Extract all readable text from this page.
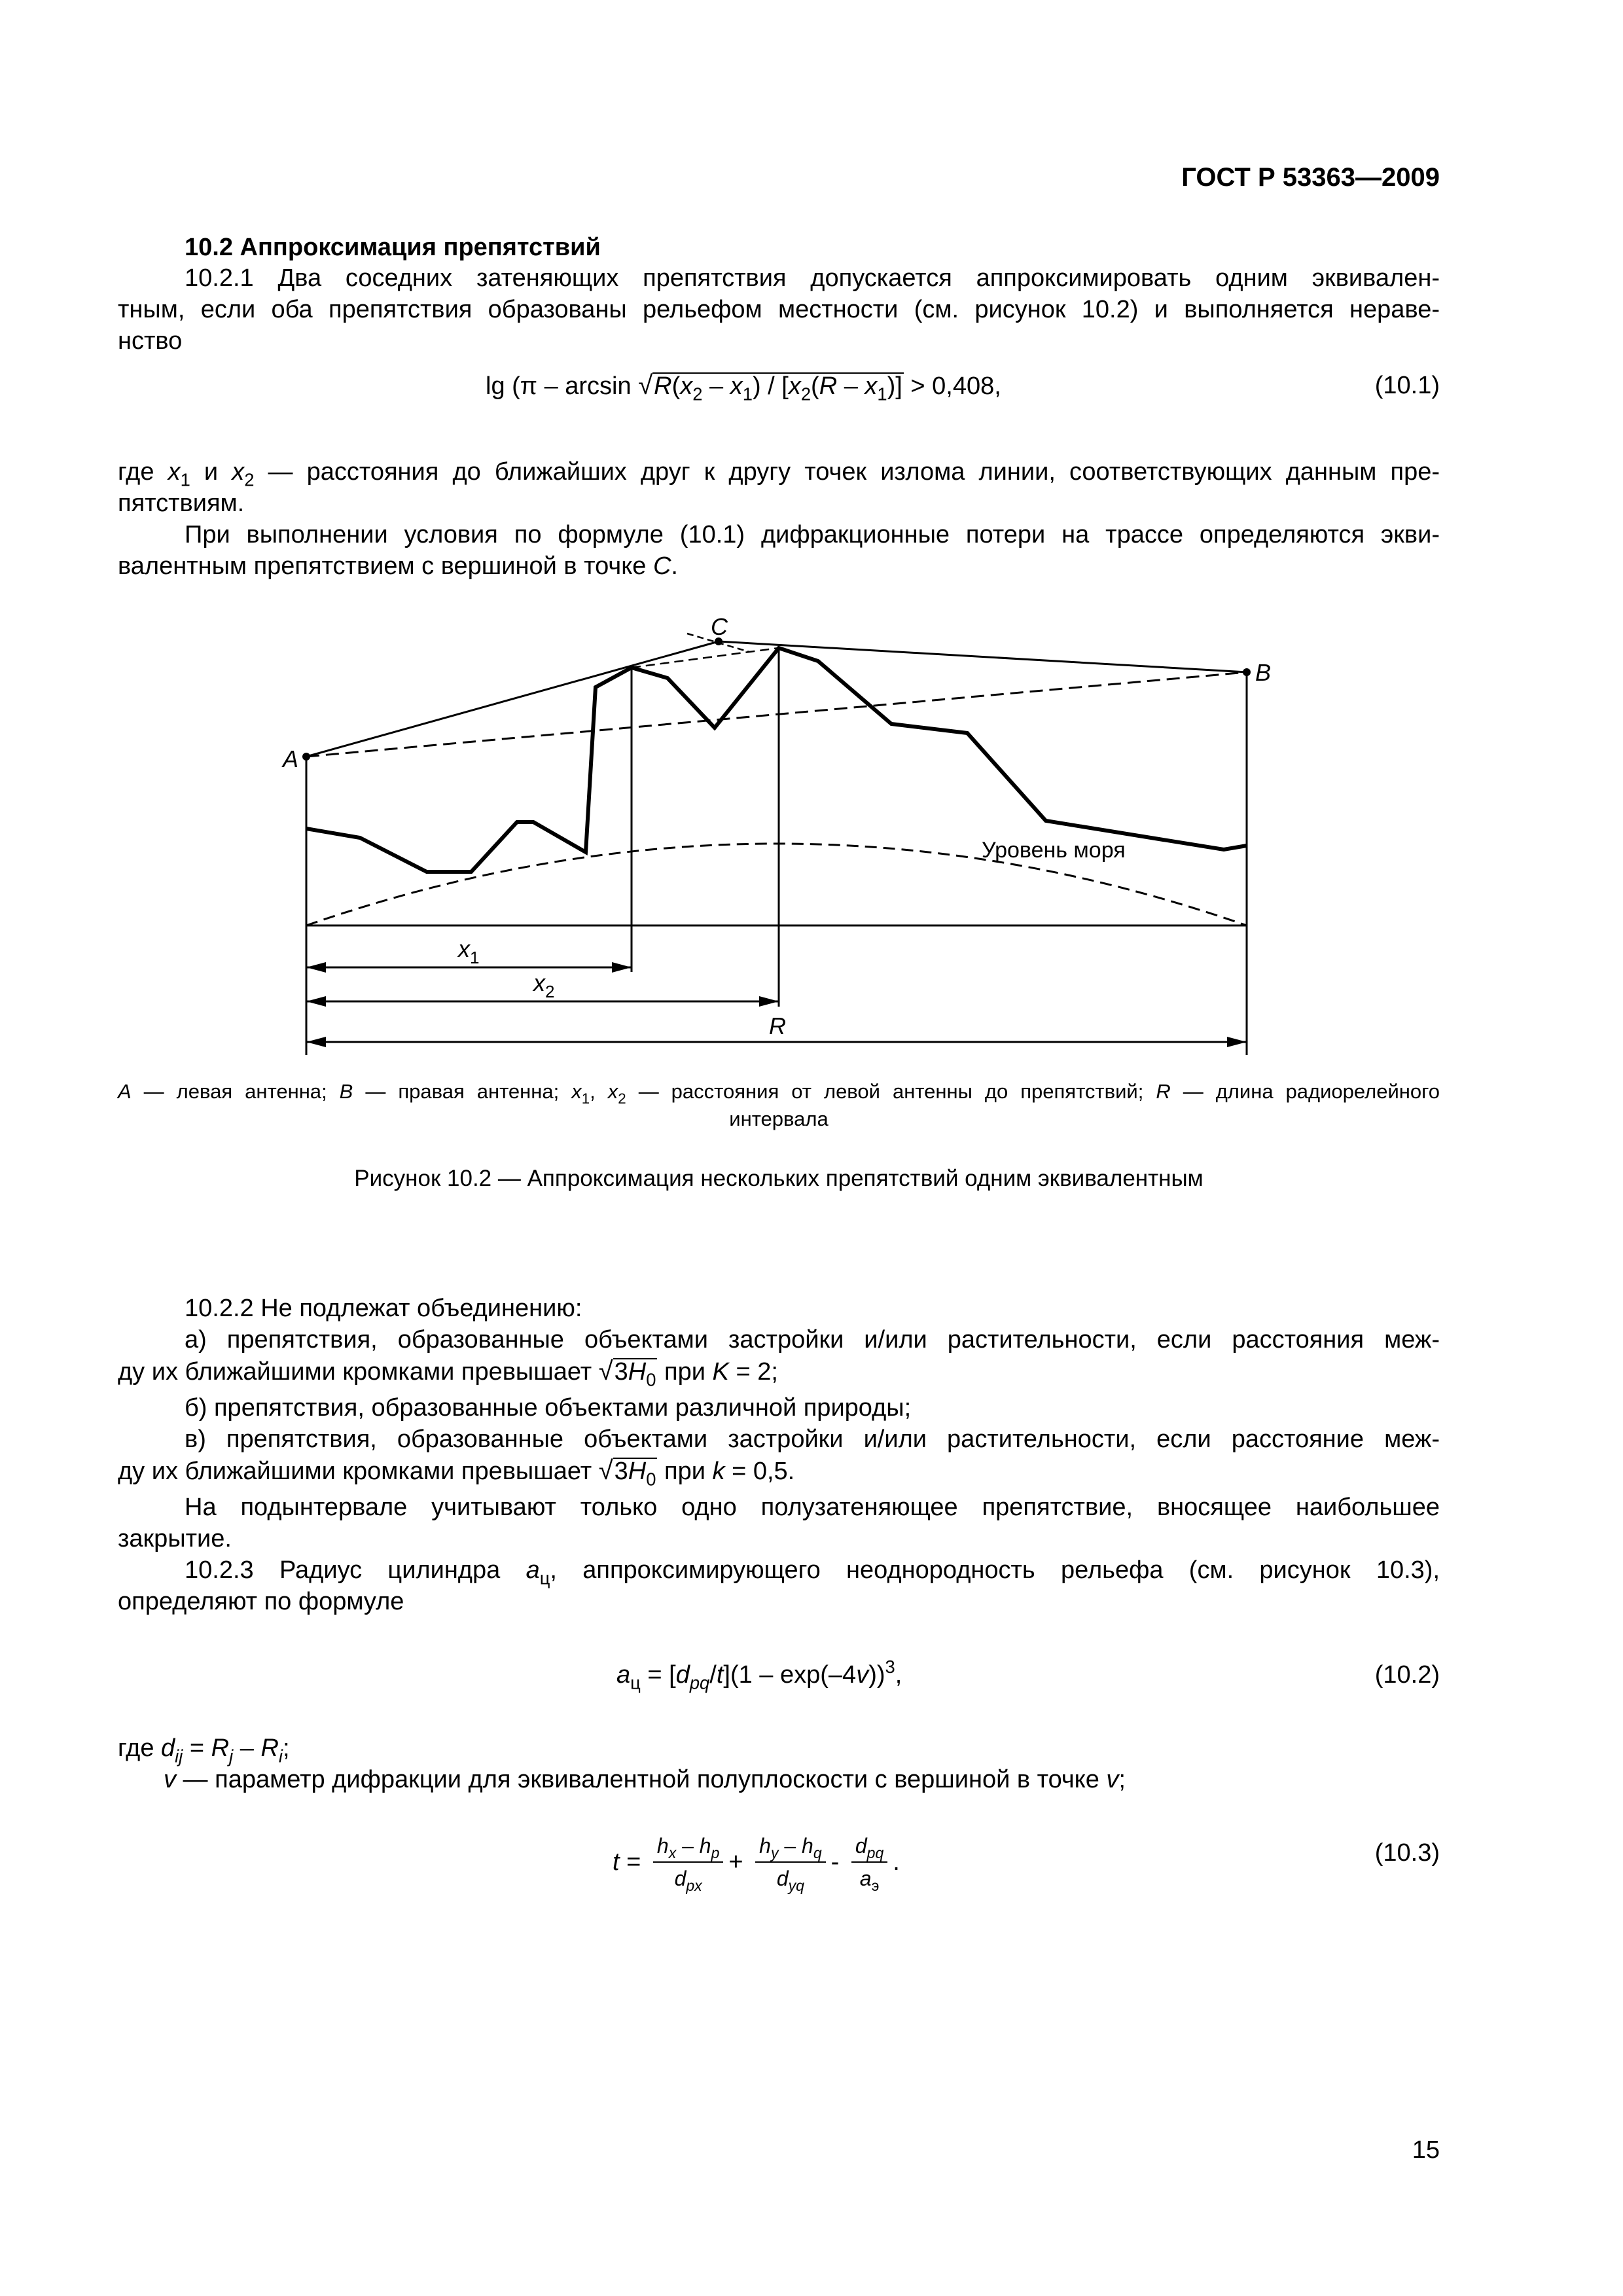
ГОСТ Р 53363—2009
10.2 Аппроксимация препятствий
10.2.1 Два соседних затеняющих препятствия допускается аппроксимировать одним эквивален-
тным, если оба препятствия образованы рельефом местности (см. рисунок 10.2) и выполняется нераве-
нство
$\lg (\pi - \arcsin √R(x_2 - x_1) / [x_2(R - x_1)] > 0,408$,	(10.1)
где $x_1$ и $x_2$ — расстояния до ближайших друг к другу точек излома линии, соответствующих данным пре-
пятствиям.
При выполнении условия по формуле (10.1) дифракционные потери на трассе определяются экви-
валентным препятствием с вершиной в точке C.
C
B
A
$x_1$
$x_2$
R
Уровень моря
A — левая антенна; B — правая антенна; $x_1$, $x_2$ — расстояния от левой антенны до препятствий; R — длина радиорелейного
интервала
Рисунок 10.2 — Аппроксимация нескольких препятствий одним эквивалентным
10.2.2 Не подлежат объединению:
а) препятствия, образованные объектами застройки и/или растительности, если расстояния меж-
ду их ближайшими кромками превышает $√3H_0$ при K = 2;
б) препятствия, образованные объектами различной природы;
в) препятствия, образованные объектами застройки и/или растительности, если расстояние меж-
ду их ближайшими кромками превышает $√3H_0$ при k = 0,5.
На подынтервале учитывают только одно полузатеняющее препятствие, вносящее наибольшее
закрытие.
10.2.3 Радиус цилиндра $a_ц$, аппроксимирующего неоднородность рельефа (см. рисунок 10.3),
определяют по формуле
$a_ц = [d_{pq}/t](1 - \exp(-4v))^3$,	(10.2)
где $d_{ij} = R_j - R_i$;
v — параметр дифракции для эквивалентной полуплоскости с вершиной в точке v;
$t = \frac{h_x - h_p}{d_{px}} + \frac{h_y - h_q}{d_{yq}} - \frac{d_{pq}}{a_э}$ .	(10.3)
15
